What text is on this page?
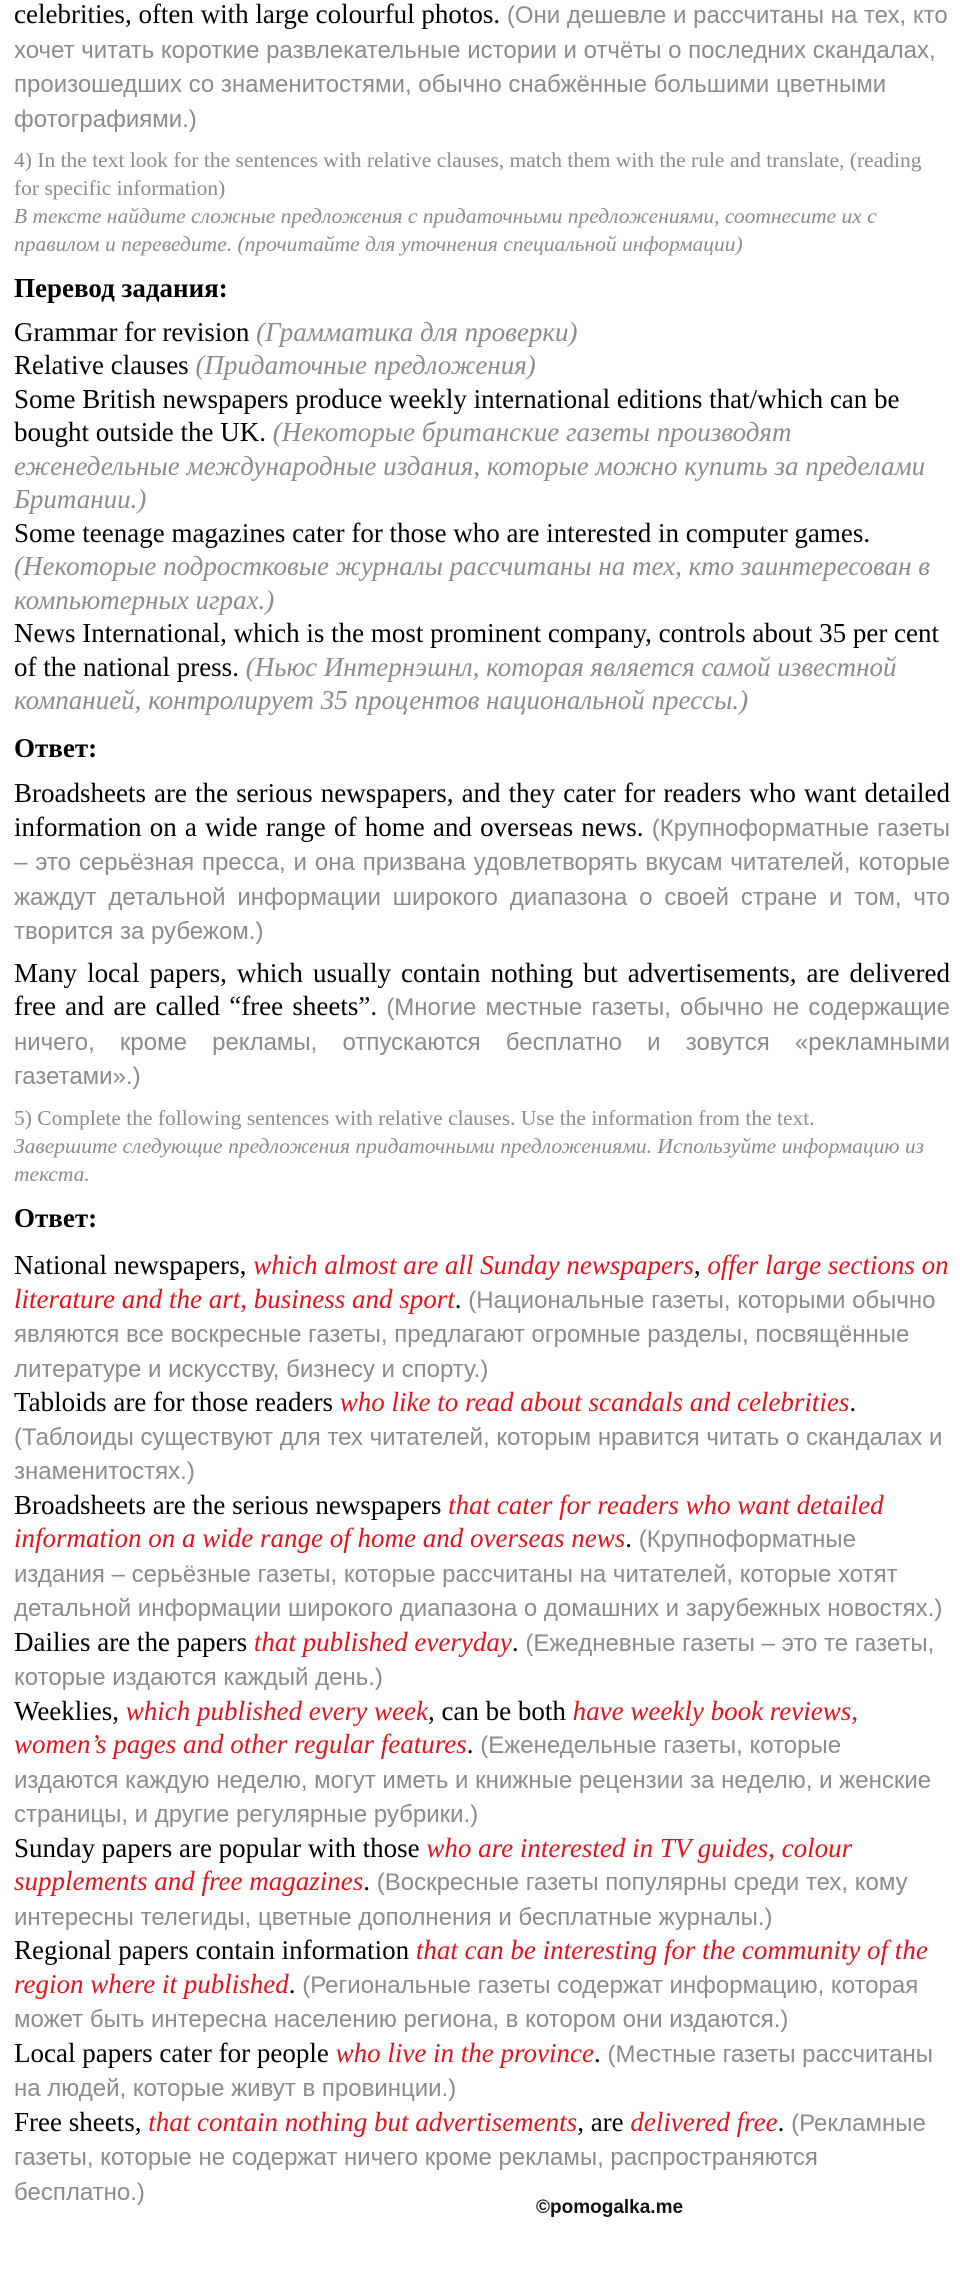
celebrities, often with large colourful photos. (Они дешевле и рассчитаны на тех, кто хочет читать короткие развлекательные истории и отчёты о последних скандалах, произошедших со знаменитостями, обычно снабжённые большими цветными фотографиями.)

4) In the text look for the sentences with relative clauses, match them with the rule and translate, (reading for specific information)
В тексте найдите сложные предложения с придаточными предложениями, соотнесите их с правилом и переведите. (прочитайте для уточнения специальной информации)
Перевод задания:
Grammar for revision (Грамматика для проверки)
Relative clauses (Придаточные предложения)
Some British newspapers produce weekly international editions that/which can be bought outside the UK. (Некоторые британские газеты производят еженедельные международные издания, которые можно купить за пределами Британии.)
Some teenage magazines cater for those who are interested in computer games. (Некоторые подростковые журналы рассчитаны на тех, кто заинтересован в компьютерных играх.)
News International, which is the most prominent company, controls about 35 per cent of the national press. (Ньюс Интернэшнл, которая является самой известной компанией, контролирует 35 процентов национальной прессы.)
Ответ:
Broadsheets are the serious newspapers, and they cater for readers who want detailed information on a wide range of home and overseas news. (Крупноформатные газеты – это серьёзная пресса, и она призвана удовлетворять вкусам читателей, которые жаждут детальной информации широкого диапазона о своей стране и том, что творится за рубежом.)
Many local papers, which usually contain nothing but advertisements, are delivered free and are called “free sheets”. (Многие местные газеты, обычно не содержащие ничего, кроме рекламы, отпускаются бесплатно и зовутся «рекламными газетами».)
5) Complete the following sentences with relative clauses. Use the information from the text.
Завершите следующие предложения придаточными предложениями. Используйте информацию из текста.
Ответ:
National newspapers, which almost are all Sunday newspapers, offer large sections on literature and the art, business and sport. (Национальные газеты, которыми обычно являются все воскресные газеты, предлагают огромные разделы, посвящённые литературе и искусству, бизнесу и спорту.)
Tabloids are for those readers who like to read about scandals and celebrities. (Таблоиды существуют для тех читателей, которым нравится читать о скандалах и знаменитостях.)
Broadsheets are the serious newspapers that cater for readers who want detailed information on a wide range of home and overseas news. (Крупноформатные издания – серьёзные газеты, которые рассчитаны на читателей, которые хотят детальной информации широкого диапазона о домашних и зарубежных новостях.)
Dailies are the papers that published everyday. (Ежедневные газеты – это те газеты, которые издаются каждый день.)
Weeklies, which published every week, can be both have weekly book reviews, women’s pages and other regular features. (Еженедельные газеты, которые издаются каждую неделю, могут иметь и книжные рецензии за неделю, и женские страницы, и другие регулярные рубрики.)
Sunday papers are popular with those who are interested in TV guides, colour supplements and free magazines. (Воскресные газеты популярны среди тех, кому интересны телегиды, цветные дополнения и бесплатные журналы.)
Regional papers contain information that can be interesting for the community of the region where it published. (Региональные газеты содержат информацию, которая может быть интересна населению региона, в котором они издаются.)
Local papers cater for people who live in the province. (Местные газеты рассчитаны на людей, которые живут в провинции.)
Free sheets, that contain nothing but advertisements, are delivered free. (Рекламные газеты, которые не содержат ничего кроме рекламы, распространяются бесплатно.)
©pomogalka.me
